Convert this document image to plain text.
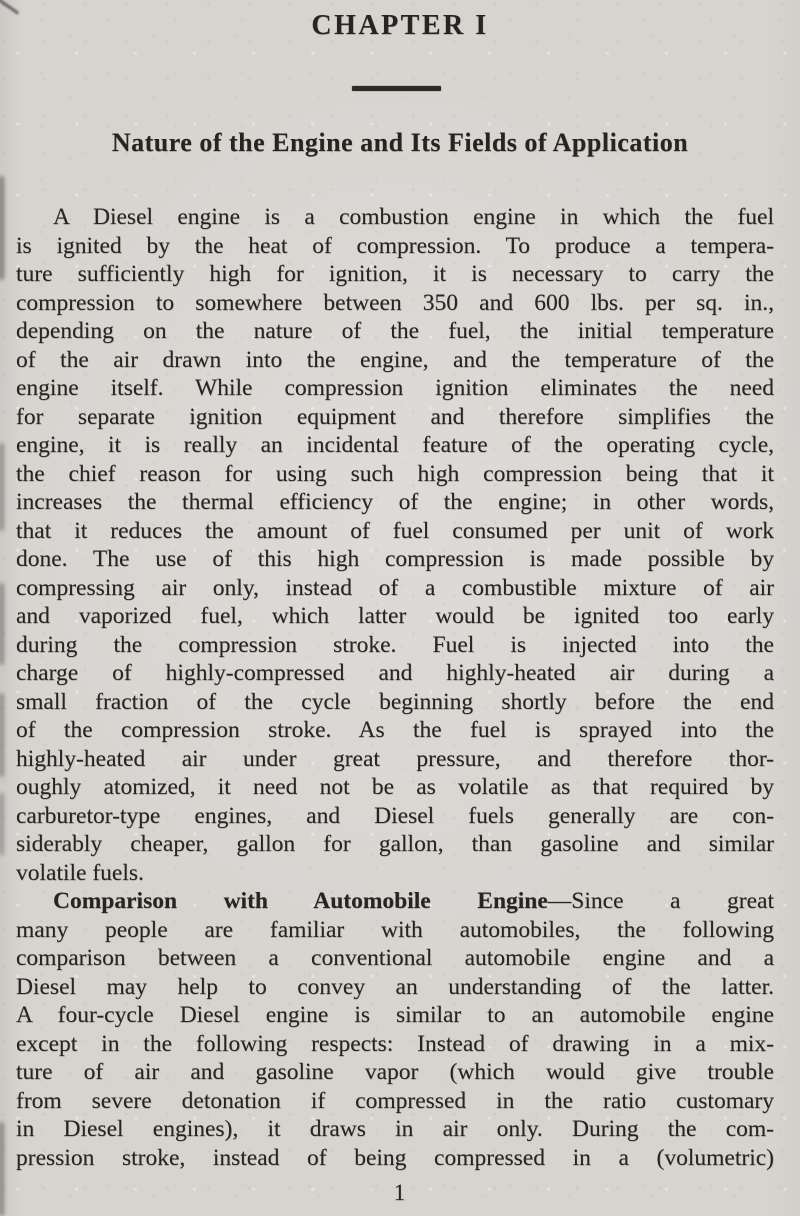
CHAPTER I
Nature of the Engine and Its Fields of Application
A Diesel engine is a combustion engine in which the fuel
is ignited by the heat of compression. To produce a tempera-
ture sufficiently high for ignition, it is necessary to carry the
compression to somewhere between 350 and 600 lbs. per sq. in.,
depending on the nature of the fuel, the initial temperature
of the air drawn into the engine, and the temperature of the
engine itself. While compression ignition eliminates the need
for separate ignition equipment and therefore simplifies the
engine, it is really an incidental feature of the operating cycle,
the chief reason for using such high compression being that it
increases the thermal efficiency of the engine; in other words,
that it reduces the amount of fuel consumed per unit of work
done. The use of this high compression is made possible by
compressing air only, instead of a combustible mixture of air
and vaporized fuel, which latter would be ignited too early
during the compression stroke. Fuel is injected into the
charge of highly-compressed and highly-heated air during a
small fraction of the cycle beginning shortly before the end
of the compression stroke. As the fuel is sprayed into the
highly-heated air under great pressure, and therefore thor-
oughly atomized, it need not be as volatile as that required by
carburetor-type engines, and Diesel fuels generally are con-
siderably cheaper, gallon for gallon, than gasoline and similar
volatile fuels.
Comparison with Automobile Engine—Since a great
many people are familiar with automobiles, the following
comparison between a conventional automobile engine and a
Diesel may help to convey an understanding of the latter.
A four-cycle Diesel engine is similar to an automobile engine
except in the following respects: Instead of drawing in a mix-
ture of air and gasoline vapor (which would give trouble
from severe detonation if compressed in the ratio customary
in Diesel engines), it draws in air only. During the com-
pression stroke, instead of being compressed in a (volumetric)
1
